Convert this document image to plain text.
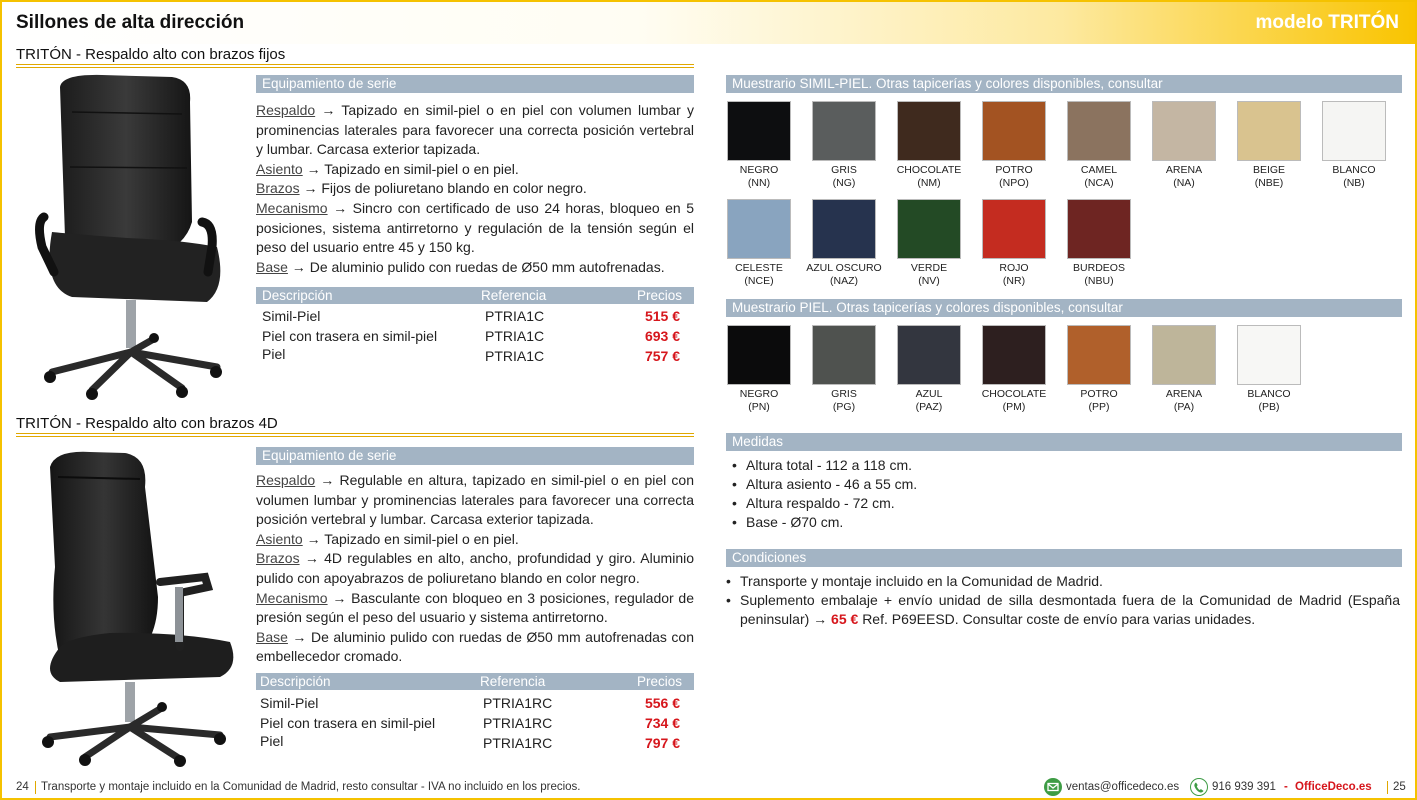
Sillones de alta dirección	modelo TRITÓN
TRITÓN - Respaldo alto con brazos fijos
Equipamiento de serie
Respaldo → Tapizado en simil-piel o en piel con volumen lumbar y prominencias laterales para favorecer una correcta posición vertebral y lumbar. Carcasa exterior tapizada.
Asiento → Tapizado en simil-piel o en piel.
Brazos → Fijos de poliuretano blando en color negro.
Mecanismo → Sincro con certificado de uso 24 horas, bloqueo en 5 posiciones, sistema antirretorno y regulación de la tensión según el peso del usuario entre 45 y 150 kg.
Base → De aluminio pulido con ruedas de Ø50 mm autofrenadas.
Descripción	Referencia	Precios
Simil-Piel	PTRIA1C	515 €
Piel con trasera en simil-piel	PTRIA1C	693 €
Piel	PTRIA1C	757 €
TRITÓN - Respaldo alto con brazos 4D
Equipamiento de serie
Respaldo → Regulable en altura, tapizado en simil-piel o en piel con volumen lumbar y prominencias laterales para favorecer una correcta posición vertebral y lumbar. Carcasa exterior tapizada.
Asiento → Tapizado en simil-piel o en piel.
Brazos → 4D regulables en alto, ancho, profundidad y giro. Aluminio pulido con apoyabrazos de poliuretano blando en color negro.
Mecanismo → Basculante con bloqueo en 3 posiciones, regulador de presión según el peso del usuario y sistema antirretorno.
Base → De aluminio pulido con ruedas de Ø50 mm autofrenadas con embellecedor cromado.
Descripción	Referencia	Precios
Simil-Piel	PTRIA1RC	556 €
Piel con trasera en simil-piel	PTRIA1RC	734 €
Piel	PTRIA1RC	797 €
Muestrario SIMIL-PIEL. Otras tapicerías y colores disponibles, consultar
NEGRO
(NN)
GRIS
(NG)
CHOCOLATE
(NM)
POTRO
(NPO)
CAMEL
(NCA)
ARENA
(NA)
BEIGE
(NBE)
BLANCO
(NB)
CELESTE
(NCE)
AZUL OSCURO
(NAZ)
VERDE
(NV)
ROJO
(NR)
BURDEOS
(NBU)
Muestrario PIEL. Otras tapicerías y colores disponibles, consultar
NEGRO
(PN)
GRIS
(PG)
AZUL
(PAZ)
CHOCOLATE
(PM)
POTRO
(PP)
ARENA
(PA)
BLANCO
(PB)
Medidas
• Altura total - 112 a 118 cm.
• Altura asiento - 46 a 55 cm.
• Altura respaldo - 72 cm.
• Base - Ø70 cm.
Condiciones
• Transporte y montaje incluido en la Comunidad de Madrid.
• Suplemento embalaje + envío unidad de silla desmontada fuera de la Comunidad de Madrid (España peninsular) → 65 € Ref. P69EESD. Consultar coste de envío para varias unidades.
24 Transporte y montaje incluido en la Comunidad de Madrid, resto consultar - IVA no incluido en los precios.	ventas@officedeco.es	916 939 391 - OfficeDeco.es 25
